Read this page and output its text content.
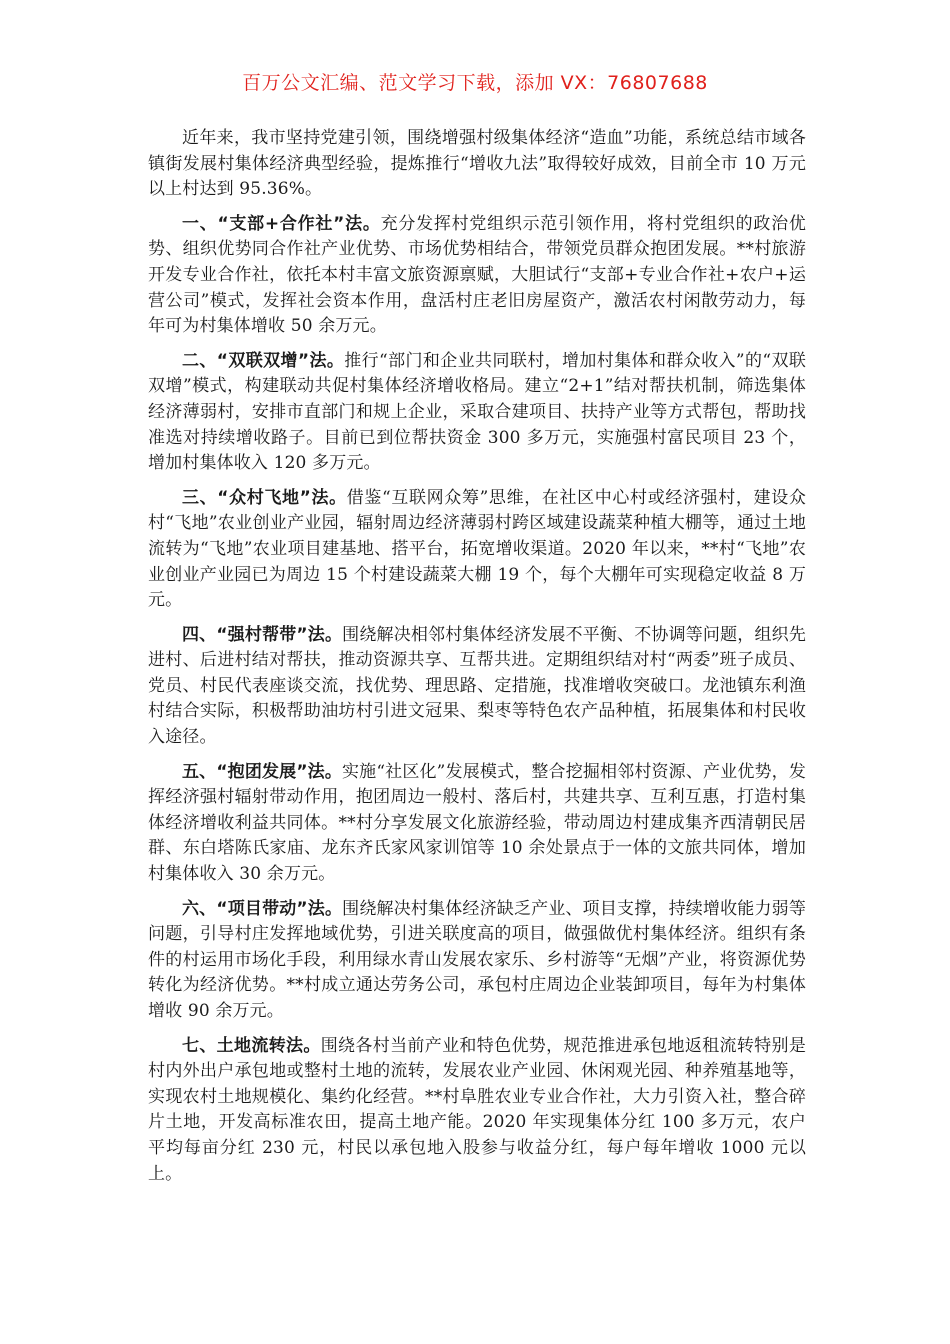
百万公文汇编、范文学习下载，添加 VX：76807688

近年来，我市坚持党建引领，围绕增强村级集体经济“造血”功能，系统总结市域各镇街发展村集体经济典型经验，提炼推行“增收九法”取得较好成效，目前全市 10 万元以上村达到 95.36%。

一、“支部+合作社”法。充分发挥村党组织示范引领作用，将村党组织的政治优势、组织优势同合作社产业优势、市场优势相结合，带领党员群众抱团发展。**村旅游开发专业合作社，依托本村丰富文旅资源禀赋，大胆试行“支部+专业合作社+农户+运营公司”模式，发挥社会资本作用，盘活村庄老旧房屋资产，激活农村闲散劳动力，每年可为村集体增收 50 余万元。

二、“双联双增”法。推行“部门和企业共同联村，增加村集体和群众收入”的“双联双增”模式，构建联动共促村集体经济增收格局。建立“2+1”结对帮扶机制，筛选集体经济薄弱村，安排市直部门和规上企业，采取合建项目、扶持产业等方式帮包，帮助找准选对持续增收路子。目前已到位帮扶资金 300 多万元，实施强村富民项目 23 个，增加村集体收入 120 多万元。

三、“众村飞地”法。借鉴“互联网众筹”思维，在社区中心村或经济强村，建设众村“飞地”农业创业产业园，辐射周边经济薄弱村跨区域建设蔬菜种植大棚等，通过土地流转为“飞地”农业项目建基地、搭平台，拓宽增收渠道。2020 年以来，**村“飞地”农业创业产业园已为周边 15 个村建设蔬菜大棚 19 个，每个大棚年可实现稳定收益 8 万元。

四、“强村帮带”法。围绕解决相邻村集体经济发展不平衡、不协调等问题，组织先进村、后进村结对帮扶，推动资源共享、互帮共进。定期组织结对村“两委”班子成员、党员、村民代表座谈交流，找优势、理思路、定措施，找准增收突破口。龙池镇东利渔村结合实际，积极帮助油坊村引进文冠果、梨枣等特色农产品种植，拓展集体和村民收入途径。

五、“抱团发展”法。实施“社区化”发展模式，整合挖掘相邻村资源、产业优势，发挥经济强村辐射带动作用，抱团周边一般村、落后村，共建共享、互利互惠，打造村集体经济增收利益共同体。**村分享发展文化旅游经验，带动周边村建成集齐西清朝民居群、东白塔陈氏家庙、龙东齐氏家风家训馆等 10 余处景点于一体的文旅共同体，增加村集体收入 30 余万元。

六、“项目带动”法。围绕解决村集体经济缺乏产业、项目支撑，持续增收能力弱等问题，引导村庄发挥地域优势，引进关联度高的项目，做强做优村集体经济。组织有条件的村运用市场化手段，利用绿水青山发展农家乐、乡村游等“无烟”产业，将资源优势转化为经济优势。**村成立通达劳务公司，承包村庄周边企业装卸项目，每年为村集体增收 90 余万元。

七、土地流转法。围绕各村当前产业和特色优势，规范推进承包地返租流转特别是村内外出户承包地或整村土地的流转，发展农业产业园、休闲观光园、种养殖基地等，实现农村土地规模化、集约化经营。**村阜胜农业专业合作社，大力引资入社，整合碎片土地，开发高标准农田，提高土地产能。2020 年实现集体分红 100 多万元，农户平均每亩分红 230 元，村民以承包地入股参与收益分红，每户每年增收 1000 元以上。
